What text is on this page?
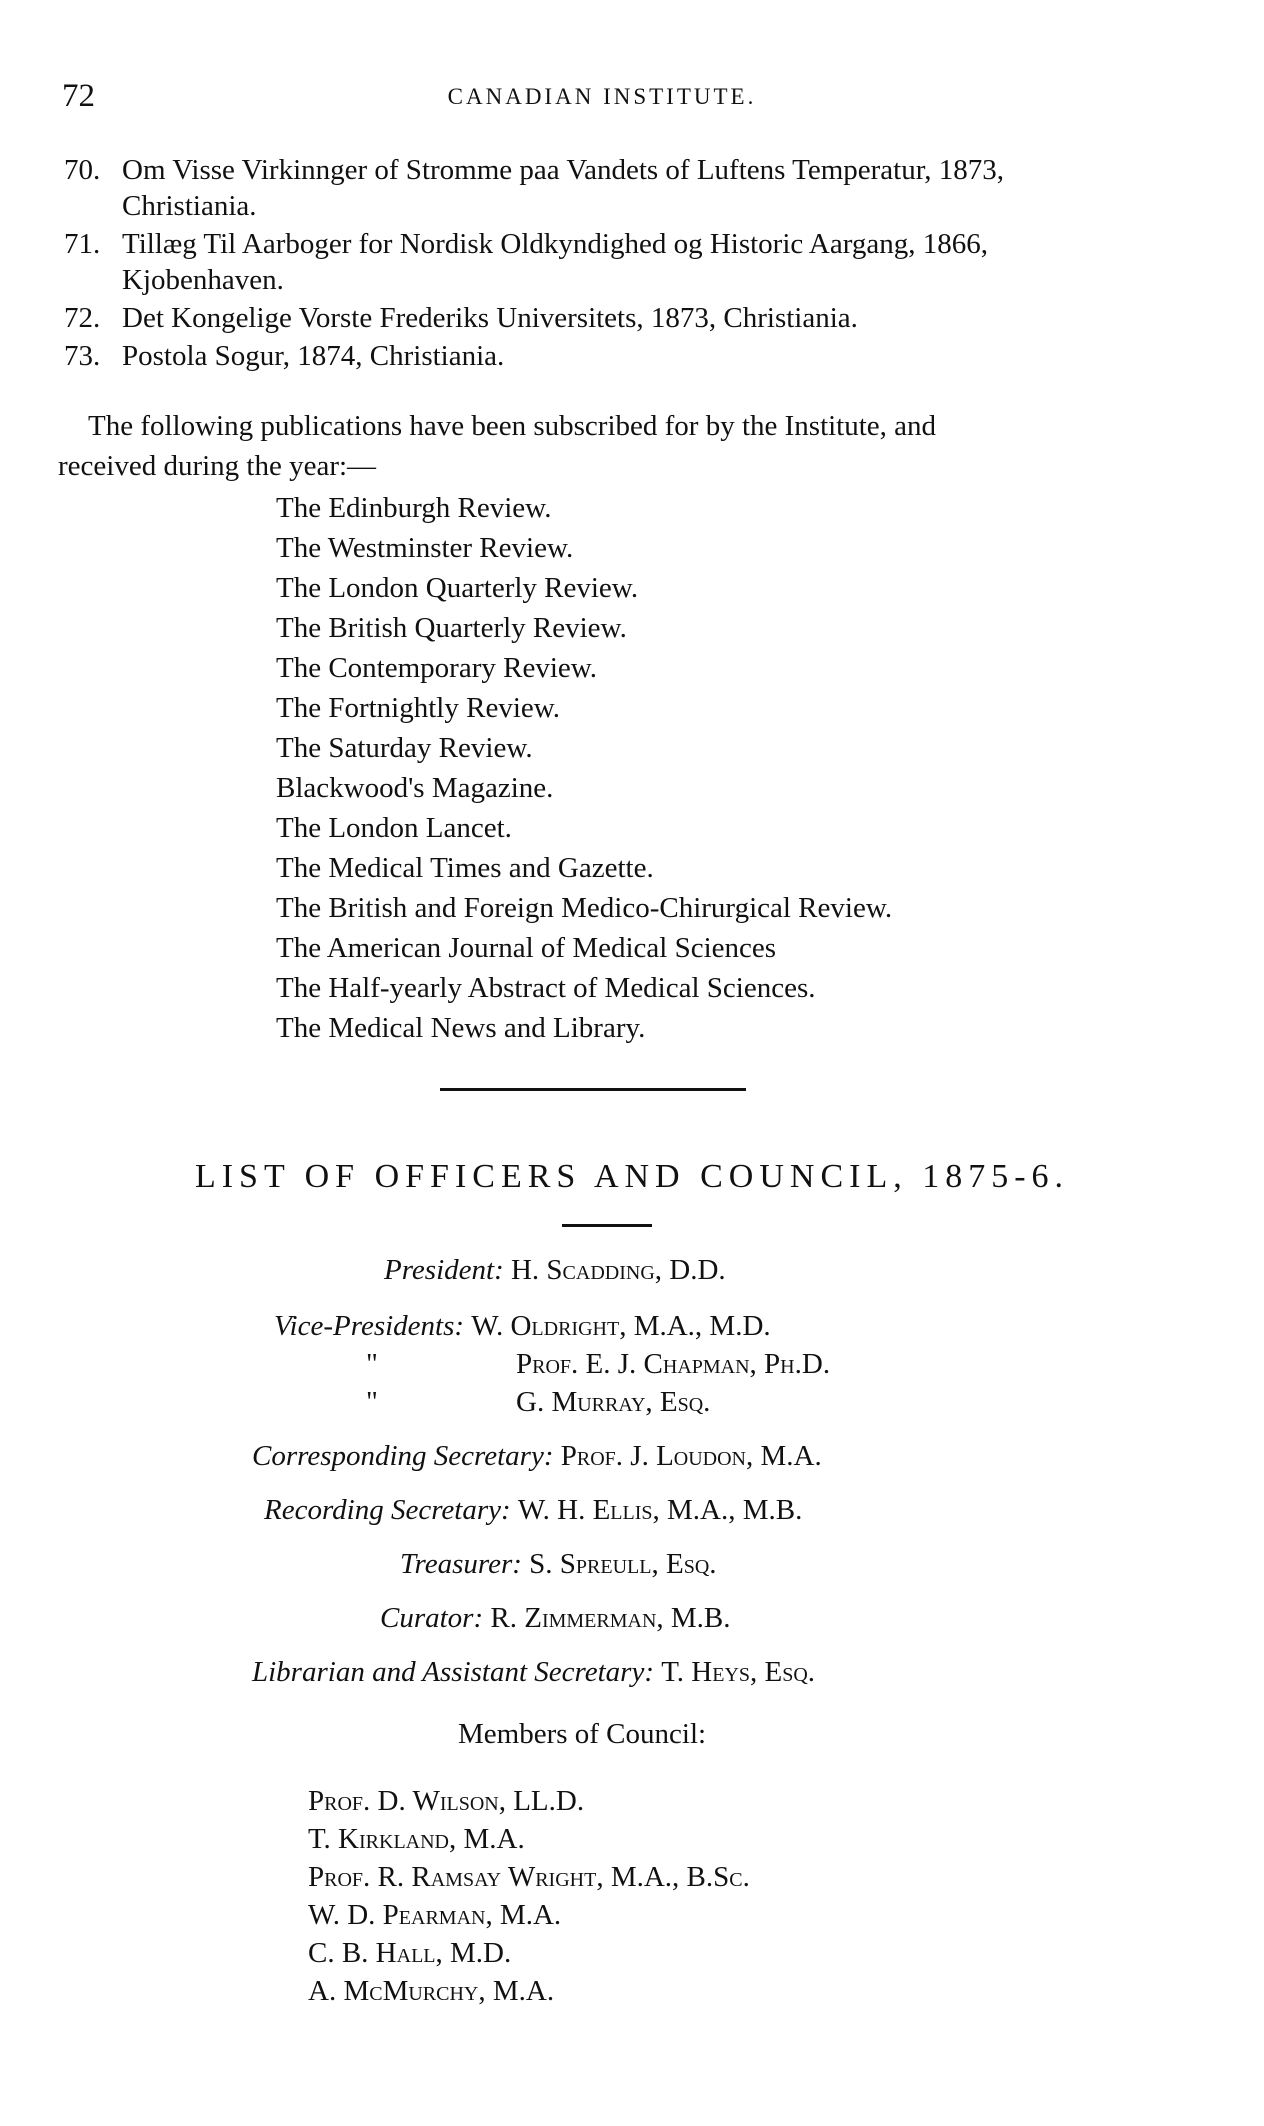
72	CANADIAN INSTITUTE.
70. Om Visse Virkinnger of Stromme paa Vandets of Luftens Temperatur, 1873,
Christiania.
71. Tillæg Til Aarboger for Nordisk Oldkyndighed og Historic Aargang, 1866,
Kjobenhaven.
72. Det Kongelige Vorste Frederiks Universitets, 1873, Christiania.
73. Postola Sogur, 1874, Christiania.
The following publications have been subscribed for by the Institute, and
received during the year:—
The Edinburgh Review.
The Westminster Review.
The London Quarterly Review.
The British Quarterly Review.
The Contemporary Review.
The Fortnightly Review.
The Saturday Review.
Blackwood's Magazine.
The London Lancet.
The Medical Times and Gazette.
The British and Foreign Medico-Chirurgical Review.
The American Journal of Medical Sciences
The Half-yearly Abstract of Medical Sciences.
The Medical News and Library.
LIST OF OFFICERS AND COUNCIL, 1875-6.
President: H. Scadding, D.D.
Vice-Presidents: W. Oldright, M.A., M.D.
"	Prof. E. J. Chapman, Ph.D.
"	G. Murray, Esq.
Corresponding Secretary: Prof. J. Loudon, M.A.
Recording Secretary: W. H. Ellis, M.A., M.B.
Treasurer: S. Spreull, Esq.
Curator: R. Zimmerman, M.B.
Librarian and Assistant Secretary: T. Heys, Esq.
Members of Council:
Prof. D. Wilson, LL.D.
T. Kirkland, M.A.
Prof. R. Ramsay Wright, M.A., B.Sc.
W. D. Pearman, M.A.
C. B. Hall, M.D.
A. McMurchy, M.A.
